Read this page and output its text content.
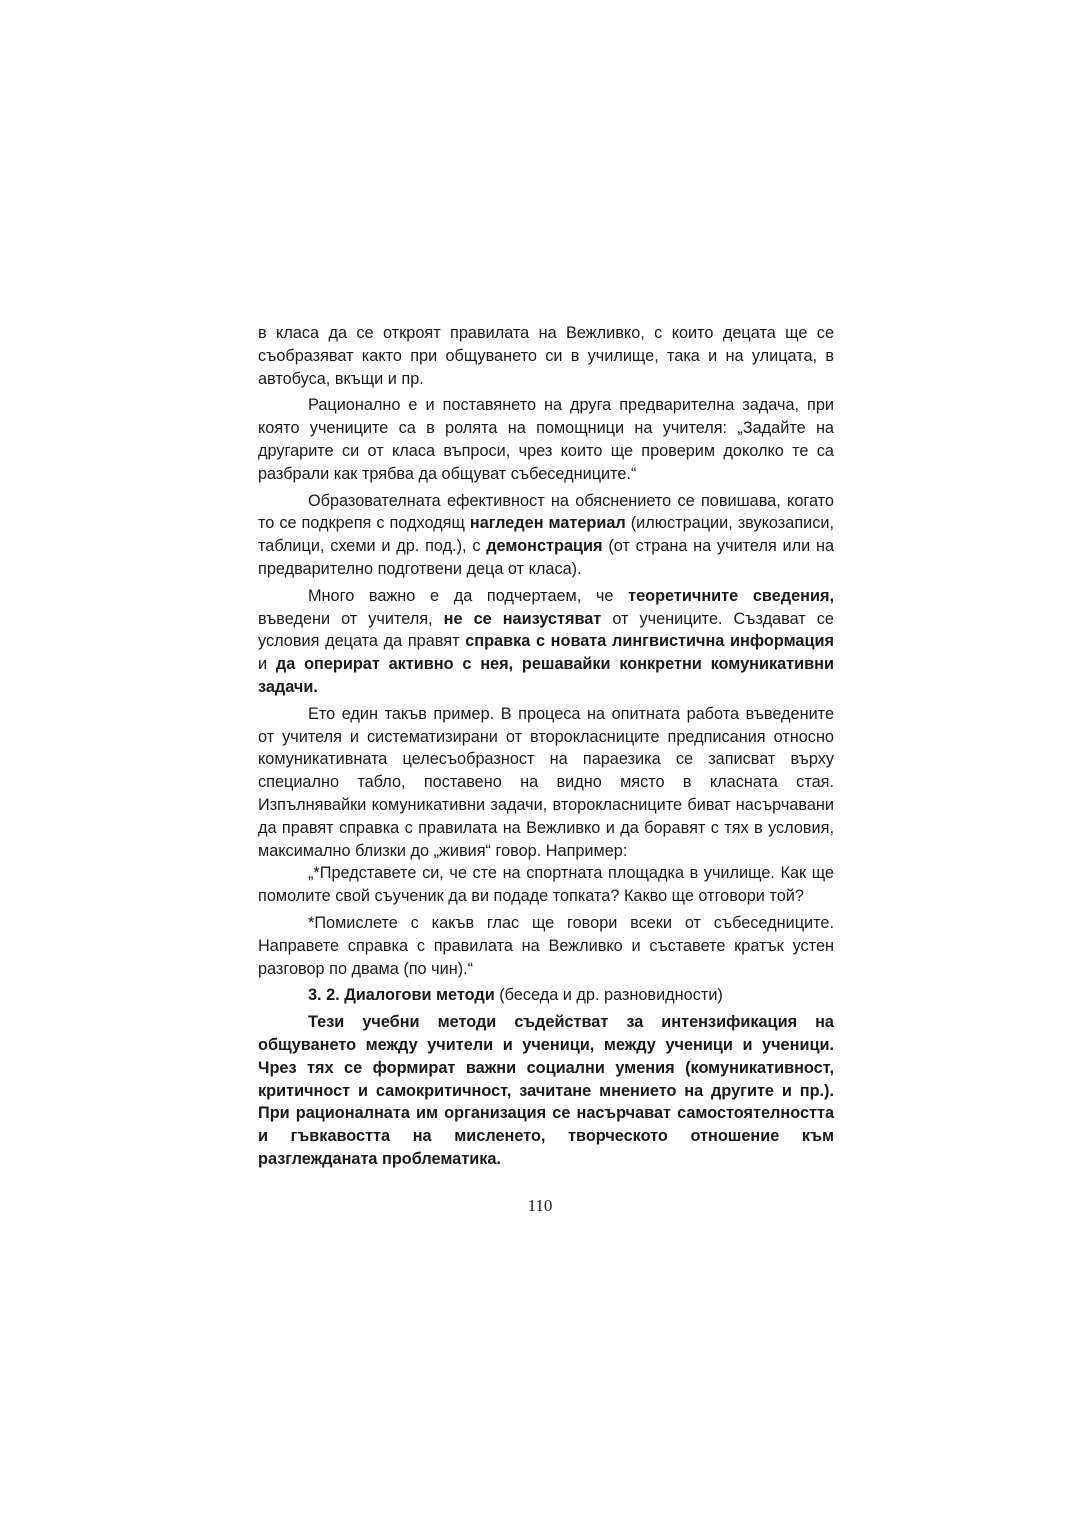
в класа да се откроят правилата на Вежливко, с които децата ще се съобразяват както при общуването си в училище, така и на улицата, в автобуса, вкъщи и пр.

Рационално е и поставянето на друга предварителна задача, при която учениците са в ролята на помощници на учителя: „Задайте на другарите си от класа въпроси, чрез които ще проверим доколко те са разбрали как трябва да общуват събеседниците.“

Образователната ефективност на обяснението се повишава, когато то се подкрепя с подходящ нагледен материал (илюстрации, звукозаписи, таблици, схеми и др. под.), с демонстрация (от страна на учителя или на предварително подготвени деца от класа).

Много важно е да подчертаем, че теоретичните сведения, въведени от учителя, не се наизустяват от учениците. Създават се условия децата да правят справка с новата лингвистична информация и да оперират активно с нея, решавайки конкретни комуникативни задачи.

Ето един такъв пример. В процеса на опитната работа въведените от учителя и систематизирани от второкласниците предписания относно комуникативната целесъобразност на параезика се записват върху специално табло, поставено на видно място в класната стая. Изпълнявайки комуникативни задачи, второкласниците биват насърчавани да правят справка с правилата на Вежливко и да боравят с тях в условия, максимално близки до „живия“ говор. Например:

„*Представете си, че сте на спортната площадка в училище. Как ще помолите свой съученик да ви подаде топката? Какво ще отговори той?

*Помислете с какъв глас ще говори всеки от събеседниците. Направете справка с правилата на Вежливко и съставете кратък устен разговор по двама (по чин).“

3. 2. Диалогови методи (беседа и др. разновидности)

Тези учебни методи съдействат за интензификация на общуването между учители и ученици, между ученици и ученици. Чрез тях се формират важни социални умения (комуникативност, критичност и самокритичност, зачитане мнението на другите и пр.). При рационалната им организация се насърчават самостоятелността и гъвкавостта на мисленето, творческото отношение към разглежданата проблематика.

110
